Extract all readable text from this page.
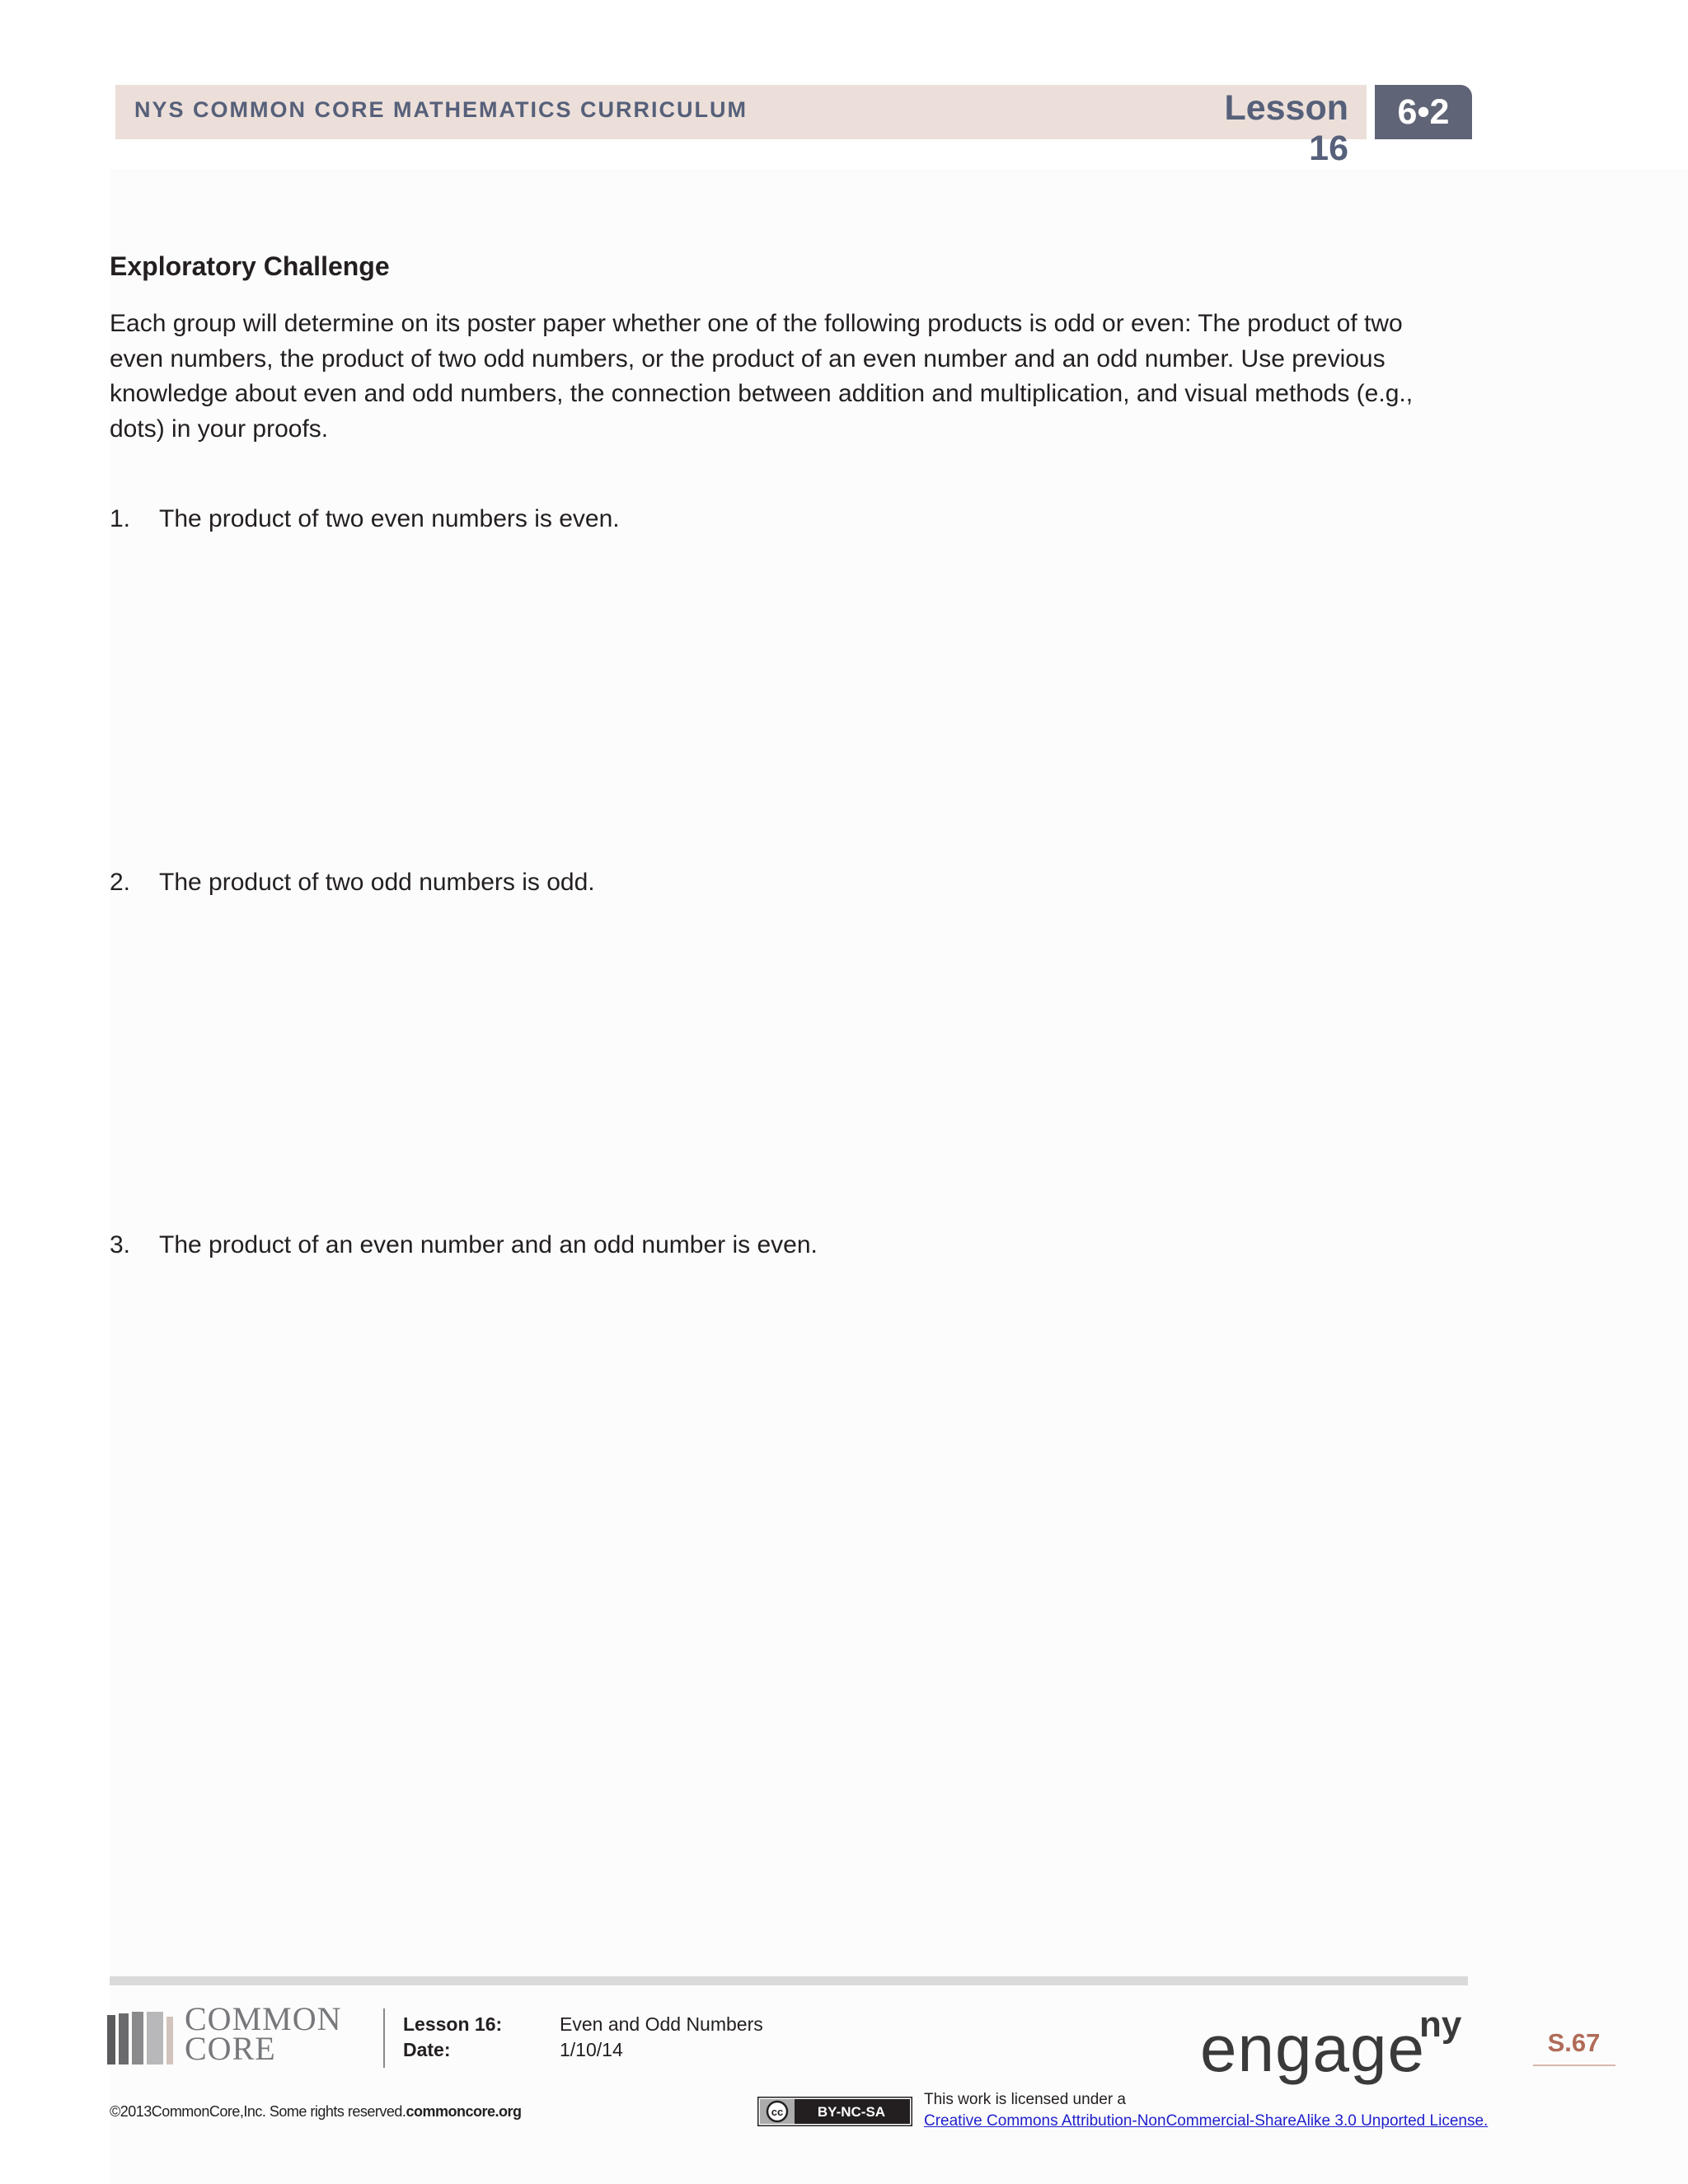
NYS COMMON CORE MATHEMATICS CURRICULUM	Lesson 16
6•2
Exploratory Challenge
Each group will determine on its poster paper whether one of the following products is odd or even: The product of two even numbers, the product of two odd numbers, or the product of an even number and an odd number. Use previous knowledge about even and odd numbers, the connection between addition and multiplication, and visual methods (e.g., dots) in your proofs.
1. The product of two even numbers is even.
2. The product of two odd numbers is odd.
3. The product of an even number and an odd number is even.
COMMON
CORE
Lesson 16:	Even and Odd Numbers
Date:	1/10/14	engage
ny	S.67
©2013CommonCore,Inc. Some rights reserved.commoncore.org	cc BY-NC-SA
This work is licensed under a
Creative Commons Attribution-NonCommercial-ShareAlike 3.0 Unported License.
